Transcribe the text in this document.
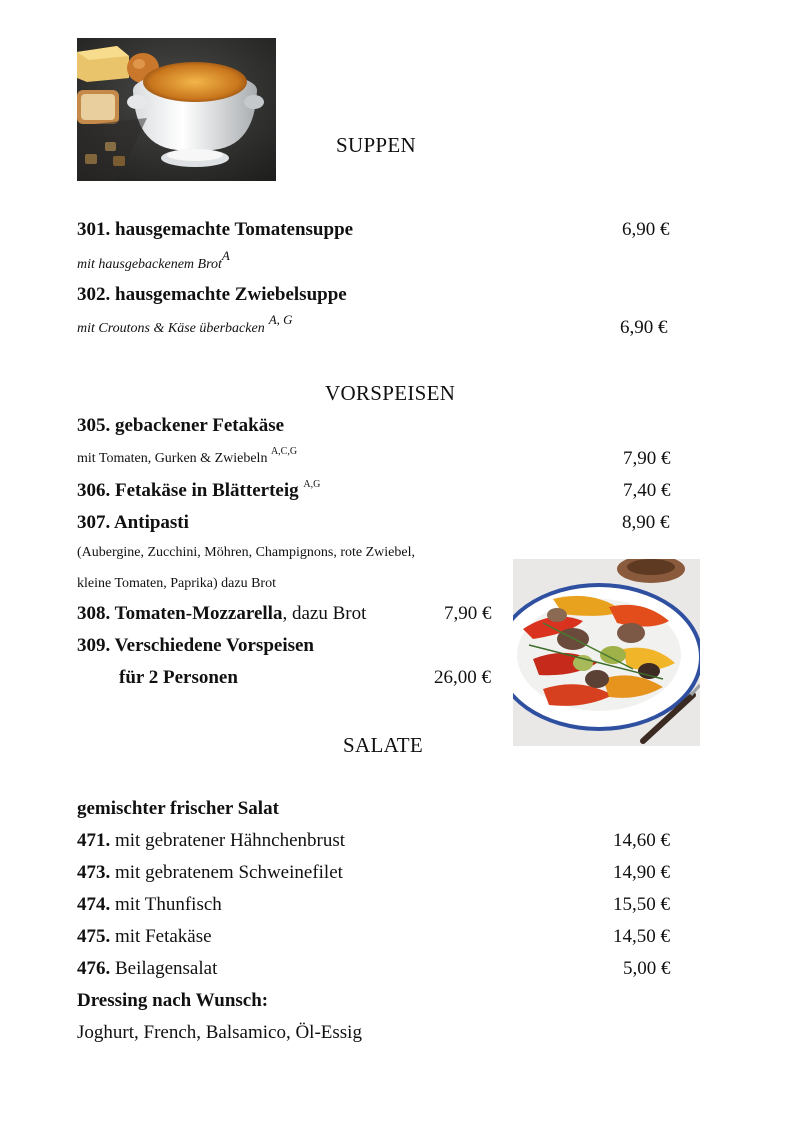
SUPPEN
301. hausgemachte Tomatensuppe	6,90 €
mit hausgebackenem Brot$^A$
302. hausgemachte Zwiebelsuppe
mit Croutons & Käse überbacken$^{A, G}$	6,90 €
VORSPEISEN
305. gebackener Fetakäse
mit Tomaten, Gurken & Zwiebeln $^{A,C,G}$	7,90 €
306. Fetakäse in Blätterteig $^{A,G}$	7,40 €
307. Antipasti	8,90 €
(Aubergine, Zucchini, Möhren, Champignons, rote Zwiebel,
kleine Tomaten, Paprika) dazu Brot
308. Tomaten-Mozzarella, dazu Brot	7,90 €
309. Verschiedene Vorspeisen
für 2 Personen	26,00 €
SALATE
gemischter frischer Salat
471. mit gebratener Hähnchenbrust	14,60 €
473. mit gebratenem Schweinefilet	14,90 €
474. mit Thunfisch	15,50 €
475. mit Fetakäse	14,50 €
476. Beilagensalat	5,00 €
Dressing nach Wunsch:
Joghurt, French, Balsamico, Öl-Essig
